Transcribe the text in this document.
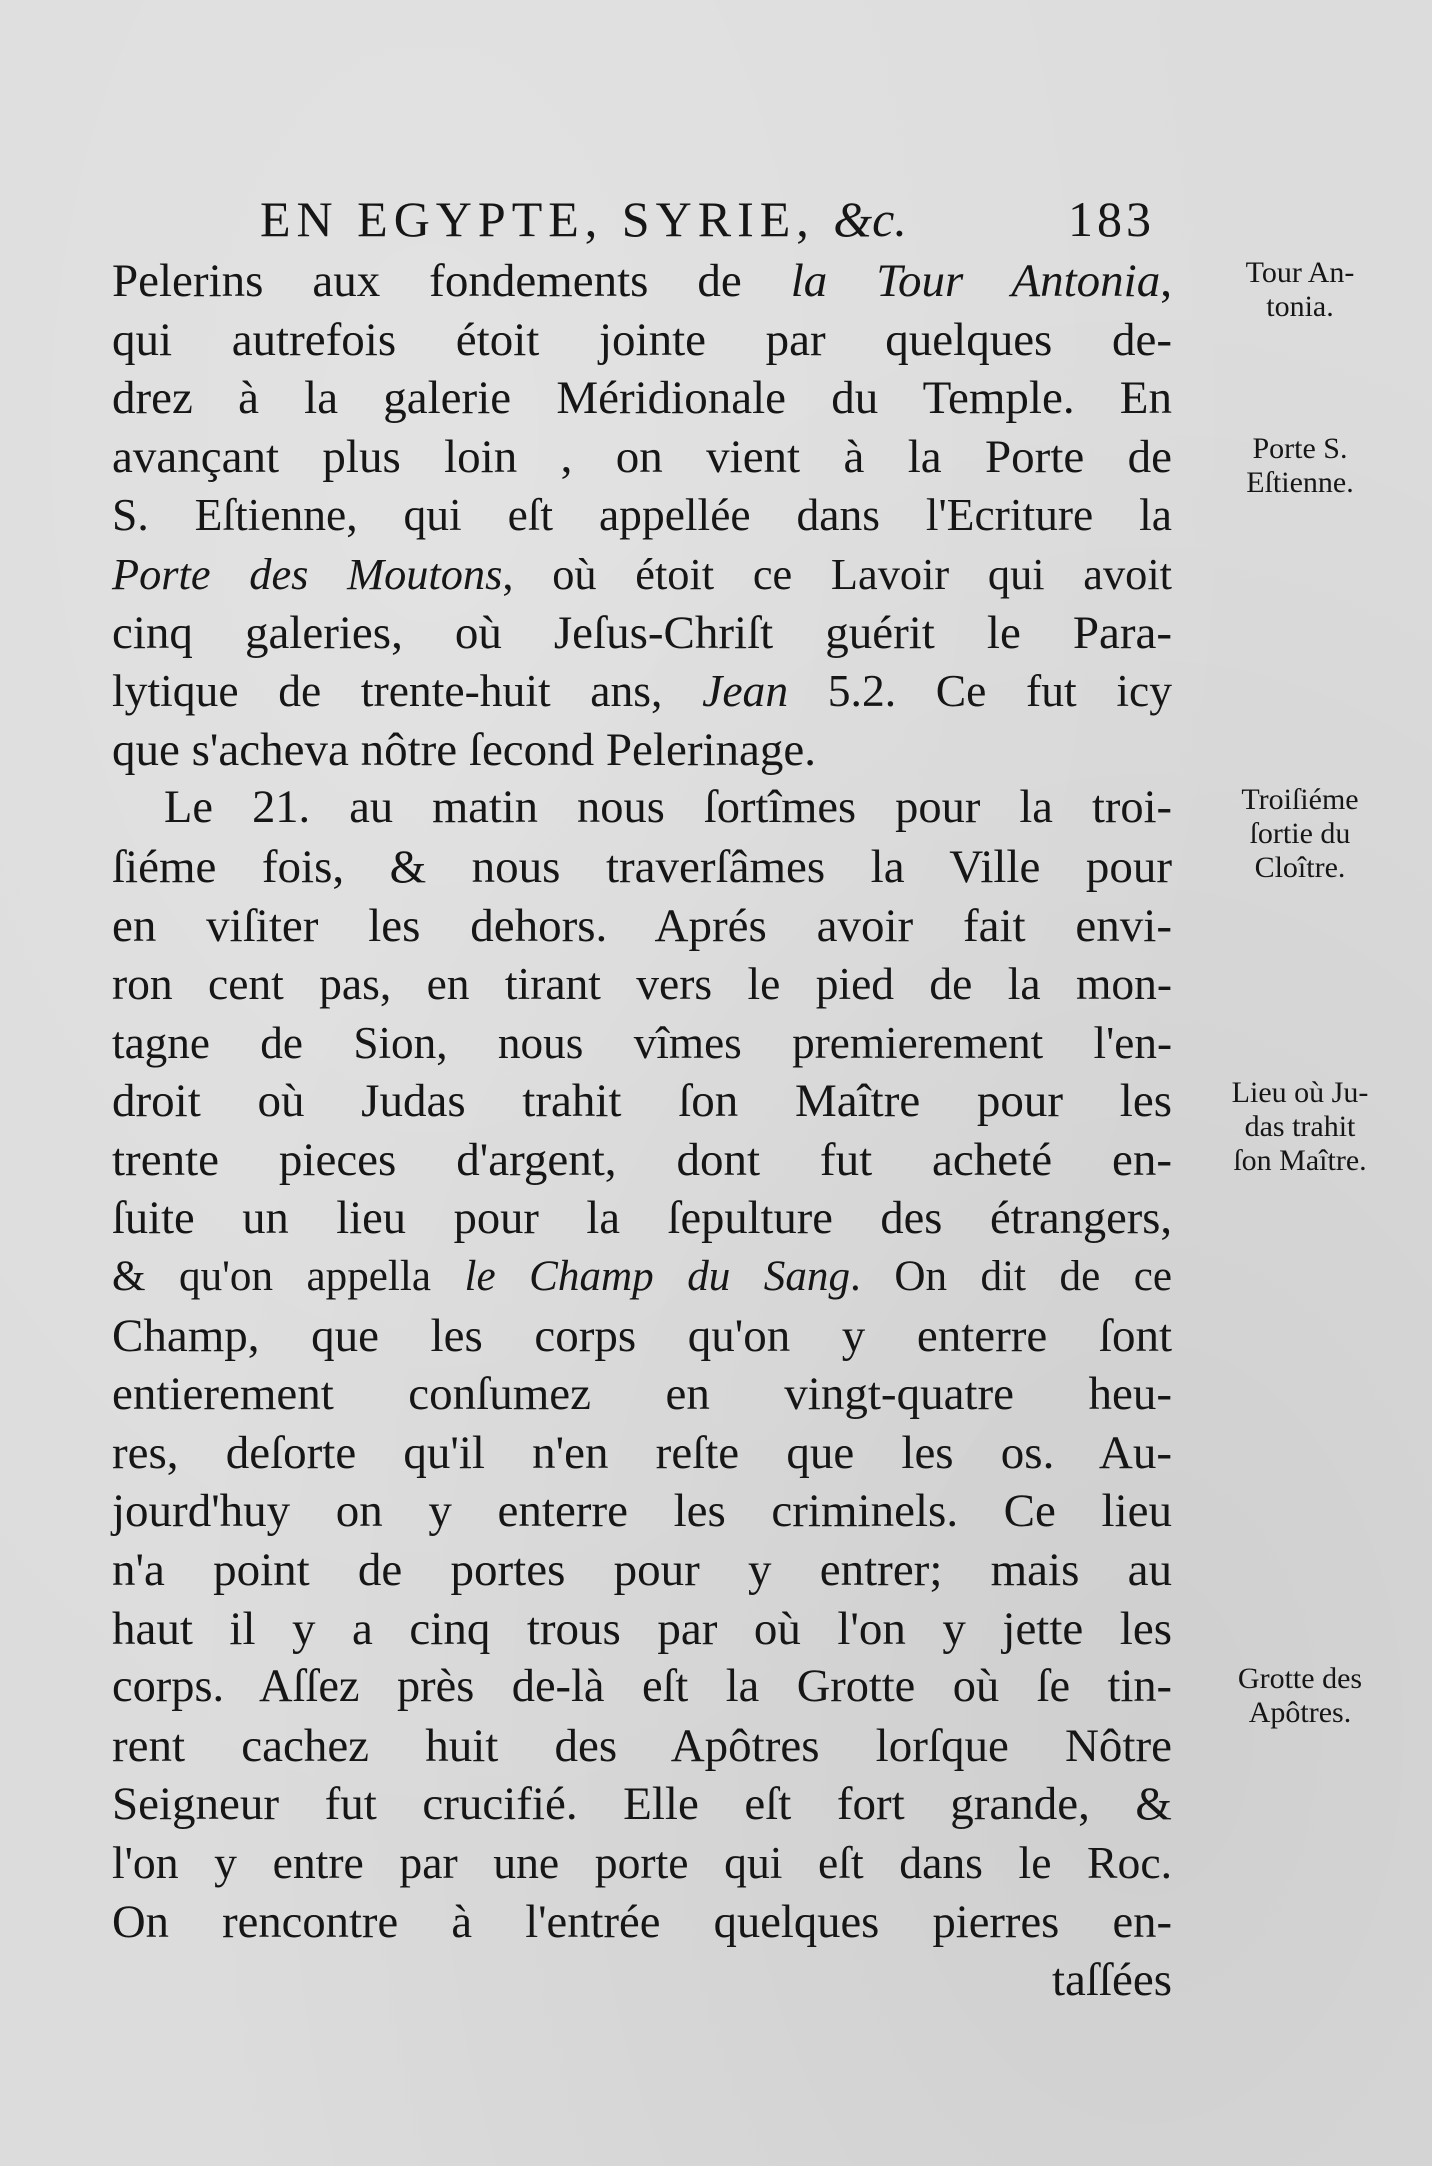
EN EGYPTE, SYRIE, &c.	183
Pelerins aux fondements de la Tour Antonia,
qui autrefois étoit jointe par quelques de-
drez à la galerie Méridionale du Temple. En
avançant plus loin , on vient à la Porte de
S. Eſtienne, qui eſt appellée dans l'Ecriture la
Porte des Moutons, où étoit ce Lavoir qui avoit
cinq galeries, où Jeſus-Chriſt guérit le Para-
lytique de trente-huit ans, Jean 5.2. Ce fut icy
que s'acheva nôtre ſecond Pelerinage.
Le 21. au matin nous ſortîmes pour la troi-
ſiéme fois, & nous traverſâmes la Ville pour
en viſiter les dehors. Aprés avoir fait envi-
ron cent pas, en tirant vers le pied de la mon-
tagne de Sion, nous vîmes premierement l'en-
droit où Judas trahit ſon Maître pour les
trente pieces d'argent, dont fut acheté en-
ſuite un lieu pour la ſepulture des étrangers,
& qu'on appella le Champ du Sang. On dit de ce
Champ, que les corps qu'on y enterre ſont
entierement conſumez en vingt-quatre heu-
res, deſorte qu'il n'en reſte que les os. Au-
jourd'huy on y enterre les criminels. Ce lieu
n'a point de portes pour y entrer; mais au
haut il y a cinq trous par où l'on y jette les
corps. Aſſez près de-là eſt la Grotte où ſe tin-
rent cachez huit des Apôtres lorſque Nôtre
Seigneur fut crucifié. Elle eſt fort grande, &
l'on y entre par une porte qui eſt dans le Roc.
On rencontre à l'entrée quelques pierres en-
taſſées
Tour An-
tonia.
Porte S.
Eſtienne.
Troiſiéme
ſortie du
Cloître.
Lieu où Ju-
das trahit
ſon Maître.
Grotte des
Apôtres.
